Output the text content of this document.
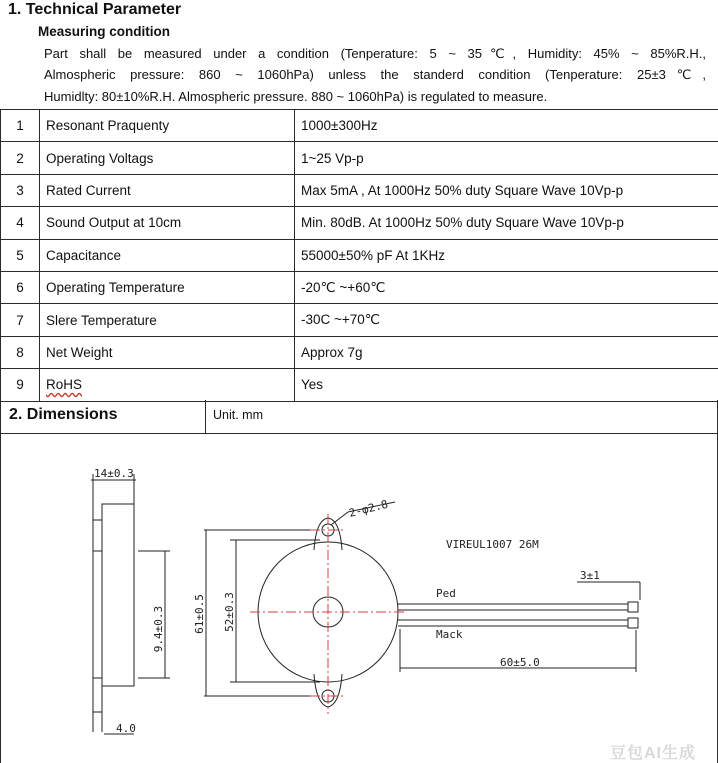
1. Technical Parameter
Measuring condition
Part shall be measured under a condition (Tenperature: 5 ~ 35℃, Humidity: 45% ~ 85%R.H.,
Almospheric pressure: 860 ~ 1060hPa) unless the standerd condition (Tenperature: 25±3℃,
Humidlty: 80±10%R.H. Almospheric pressure. 880 ~ 1060hPa) is regulated to measure.
1	Resonant Praquenty	1000±300Hz
2	Operating Voltags	1~25 Vp-p
3	Rated Current	Max 5mA , At 1000Hz 50% duty Square Wave 10Vp-p
4	Sound Output at 10cm	Min. 80dB. At 1000Hz 50% duty Square Wave 10Vp-p
5	Capacitance	55000±50% pF At 1KHz
6	Operating Temperature	-20℃ ~+60℃
7	Slere Temperature	-30C ~+70℃
8	Net Weight	Approx 7g
9	RoHS	Yes
2. Dimensions	Unit. mm
14±0.3
9.4±0.3
4.0
61±0.5 52±0.3
2-φ2.8
VIREUL1007 26M
3±1
Ped
Mack
60±5.0
豆包AI生成
